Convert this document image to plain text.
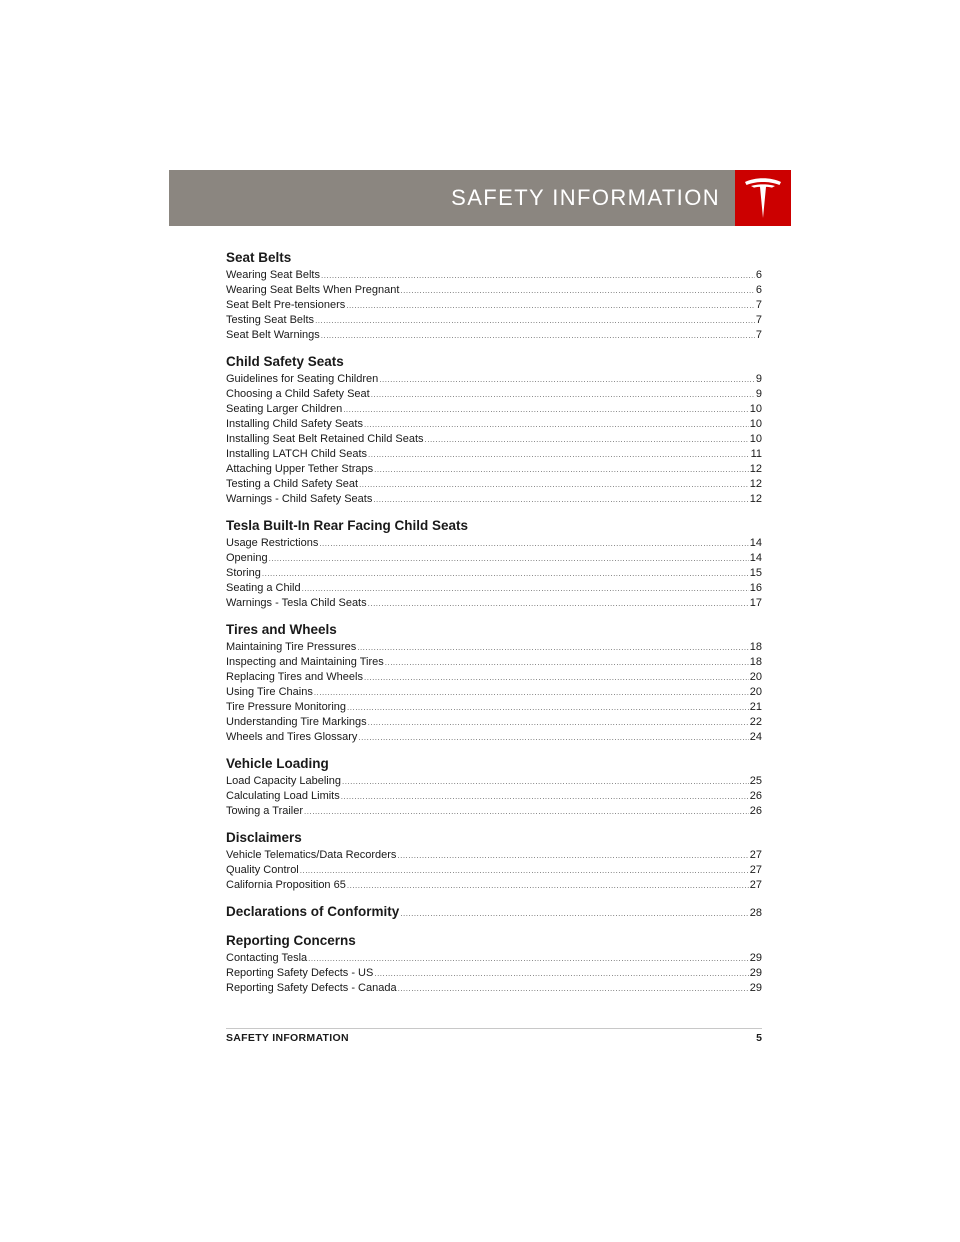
SAFETY INFORMATION
Seat Belts
Wearing Seat Belts .....	6
Wearing Seat Belts When Pregnant .....	6
Seat Belt Pre-tensioners .....	7
Testing Seat Belts .....	7
Seat Belt Warnings .....	7
Child Safety Seats
Guidelines for Seating Children .....	9
Choosing a Child Safety Seat .....	9
Seating Larger Children .....	10
Installing Child Safety Seats .....	10
Installing Seat Belt Retained Child Seats .....	10
Installing LATCH Child Seats .....	11
Attaching Upper Tether Straps .....	12
Testing a Child Safety Seat .....	12
Warnings - Child Safety Seats .....	12
Tesla Built-In Rear Facing Child Seats
Usage Restrictions .....	14
Opening .....	14
Storing .....	15
Seating a Child .....	16
Warnings - Tesla Child Seats .....	17
Tires and Wheels
Maintaining Tire Pressures .....	18
Inspecting and Maintaining Tires .....	18
Replacing Tires and Wheels .....	20
Using Tire Chains .....	20
Tire Pressure Monitoring .....	21
Understanding Tire Markings .....	22
Wheels and Tires Glossary .....	24
Vehicle Loading
Load Capacity Labeling .....	25
Calculating Load Limits .....	26
Towing a Trailer .....	26
Disclaimers
Vehicle Telematics/Data Recorders .....	27
Quality Control .....	27
California Proposition 65 .....	27
Declarations of Conformity .....	28
Reporting Concerns
Contacting Tesla .....	29
Reporting Safety Defects - US .....	29
Reporting Safety Defects - Canada .....	29
SAFETY INFORMATION	5
